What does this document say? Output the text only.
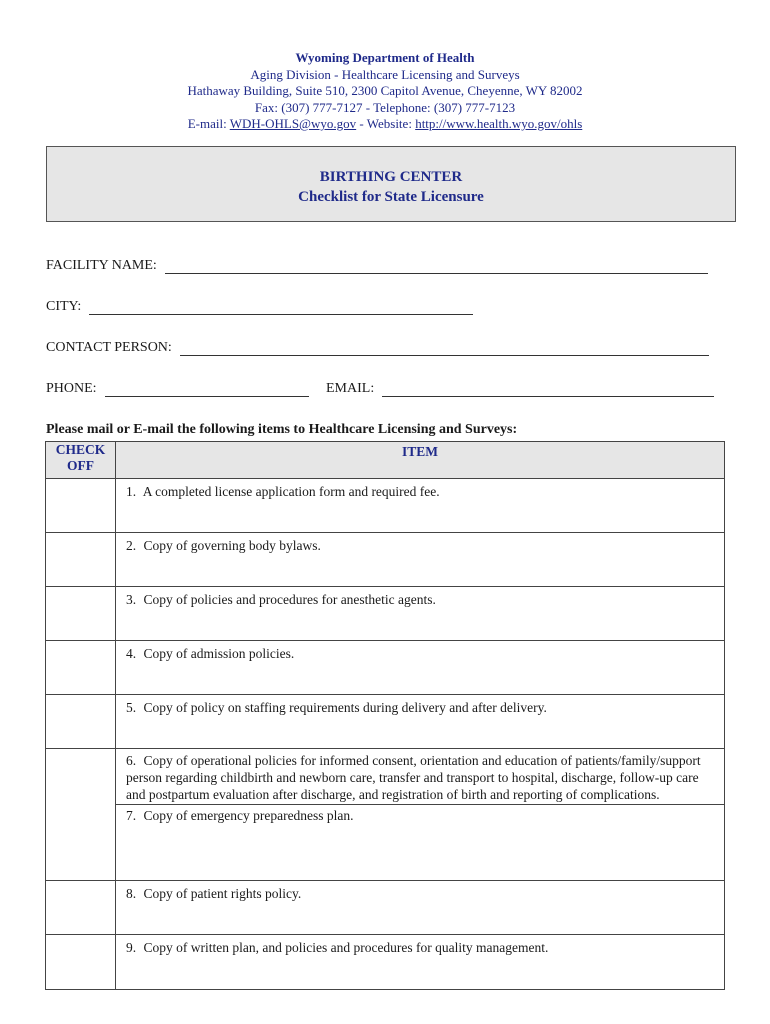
Wyoming Department of Health
Aging Division - Healthcare Licensing and Surveys
Hathaway Building, Suite 510, 2300 Capitol Avenue, Cheyenne, WY 82002
Fax: (307) 777-7127 - Telephone: (307) 777-7123
E-mail: WDH-OHLS@wyo.gov - Website: http://www.health.wyo.gov/ohls
BIRTHING CENTER
Checklist for State Licensure
FACILITY NAME:
CITY:
CONTACT PERSON:
PHONE:	EMAIL:
Please mail or E-mail the following items to Healthcare Licensing and Surveys:
CHECK OFF	ITEM

	1. A completed license application form and required fee.

	2. Copy of governing body bylaws.

	3. Copy of policies and procedures for anesthetic agents.

	4. Copy of admission policies.

	5. Copy of policy on staffing requirements during delivery and after delivery.

	6. Copy of operational policies for informed consent, orientation and education of patients/family/support person regarding childbirth and newborn care, transfer and transport to hospital, discharge, follow-up care and postpartum evaluation after discharge, and registration of birth and reporting of complications.
7. Copy of emergency preparedness plan.

	8. Copy of patient rights policy.

	9. Copy of written plan, and policies and procedures for quality management.
